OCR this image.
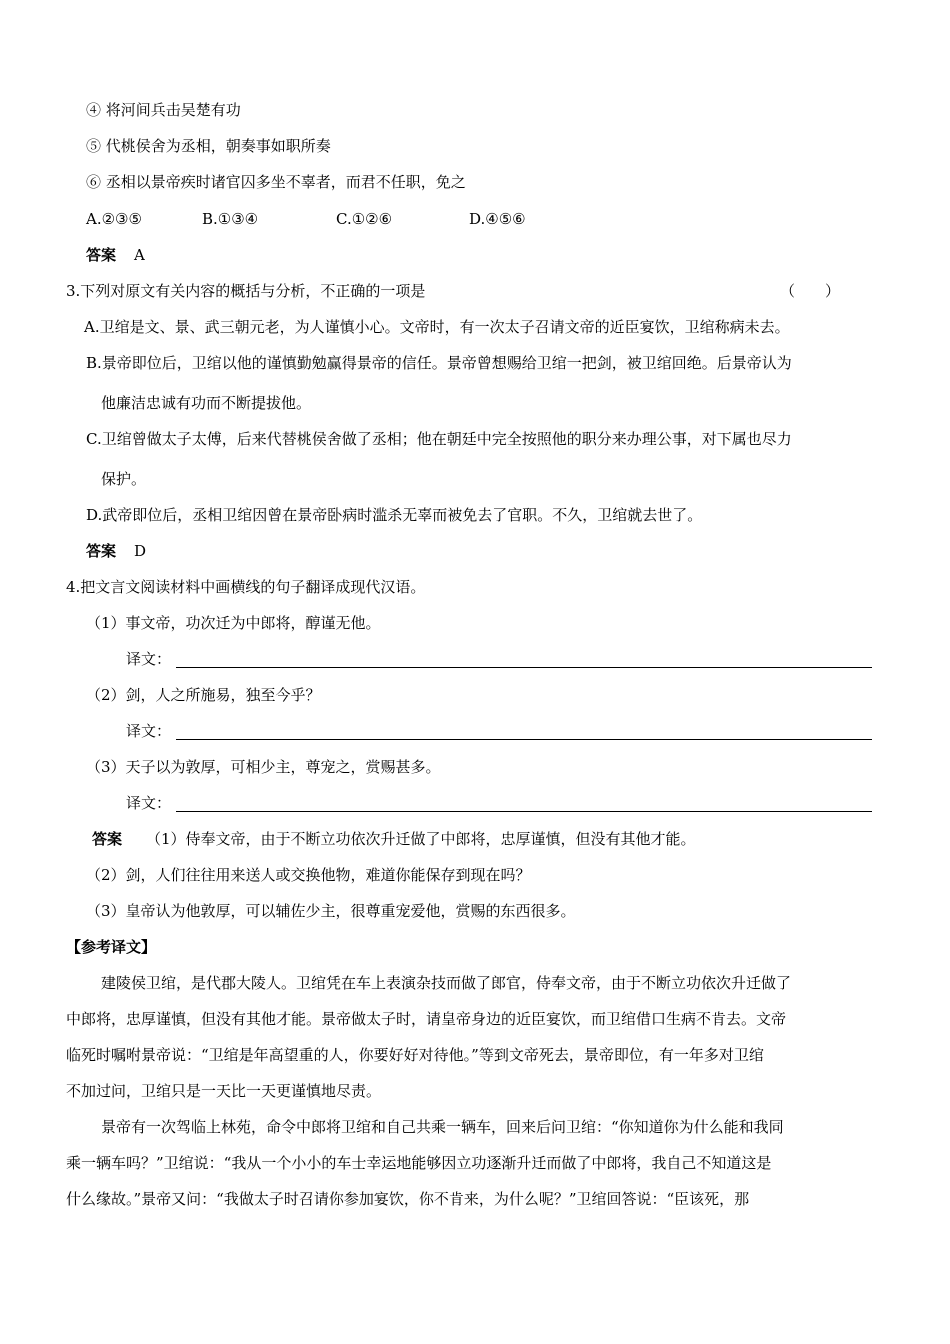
④ 将河间兵击吴楚有功
⑤ 代桃侯舍为丞相，朝奏事如职所奏
⑥ 丞相以景帝疾时诸官囚多坐不辜者，而君不任职，免之
A.②③⑤	B.①③④	C.①②⑥	D.④⑤⑥
答案 A
3.下列对原文有关内容的概括与分析，不正确的一项是	（　　）
A.卫绾是文、景、武三朝元老，为人谨慎小心。文帝时，有一次太子召请文帝的近臣宴饮，卫绾称病未去。
B.景帝即位后，卫绾以他的谨慎勤勉赢得景帝的信任。景帝曾想赐给卫绾一把剑，被卫绾回绝。后景帝认为
他廉洁忠诚有功而不断提拔他。
C.卫绾曾做太子太傅，后来代替桃侯舍做了丞相；他在朝廷中完全按照他的职分来办理公事，对下属也尽力
保护。
D.武帝即位后，丞相卫绾因曾在景帝卧病时滥杀无辜而被免去了官职。不久，卫绾就去世了。
答案 D
4.把文言文阅读材料中画横线的句子翻译成现代汉语。
（1）事文帝，功次迁为中郎将，醇谨无他。
译文：
（2）剑，人之所施易，独至今乎？
译文：
（3）天子以为敦厚，可相少主，尊宠之，赏赐甚多。
译文：
答案 （1）侍奉文帝，由于不断立功依次升迁做了中郎将，忠厚谨慎，但没有其他才能。
（2）剑，人们往往用来送人或交换他物，难道你能保存到现在吗？
（3）皇帝认为他敦厚，可以辅佐少主，很尊重宠爱他，赏赐的东西很多。
【参考译文】
建陵侯卫绾，是代郡大陵人。卫绾凭在车上表演杂技而做了郎官，侍奉文帝，由于不断立功依次升迁做了
中郎将，忠厚谨慎，但没有其他才能。景帝做太子时，请皇帝身边的近臣宴饮，而卫绾借口生病不肯去。文帝
临死时嘱咐景帝说：“卫绾是年高望重的人，你要好好对待他。”等到文帝死去，景帝即位，有一年多对卫绾
不加过问，卫绾只是一天比一天更谨慎地尽责。
景帝有一次驾临上林苑，命令中郎将卫绾和自己共乘一辆车，回来后问卫绾：“你知道你为什么能和我同
乘一辆车吗？”卫绾说：“我从一个小小的车士幸运地能够因立功逐渐升迁而做了中郎将，我自己不知道这是
什么缘故。”景帝又问：“我做太子时召请你参加宴饮，你不肯来，为什么呢？”卫绾回答说：“臣该死，那
